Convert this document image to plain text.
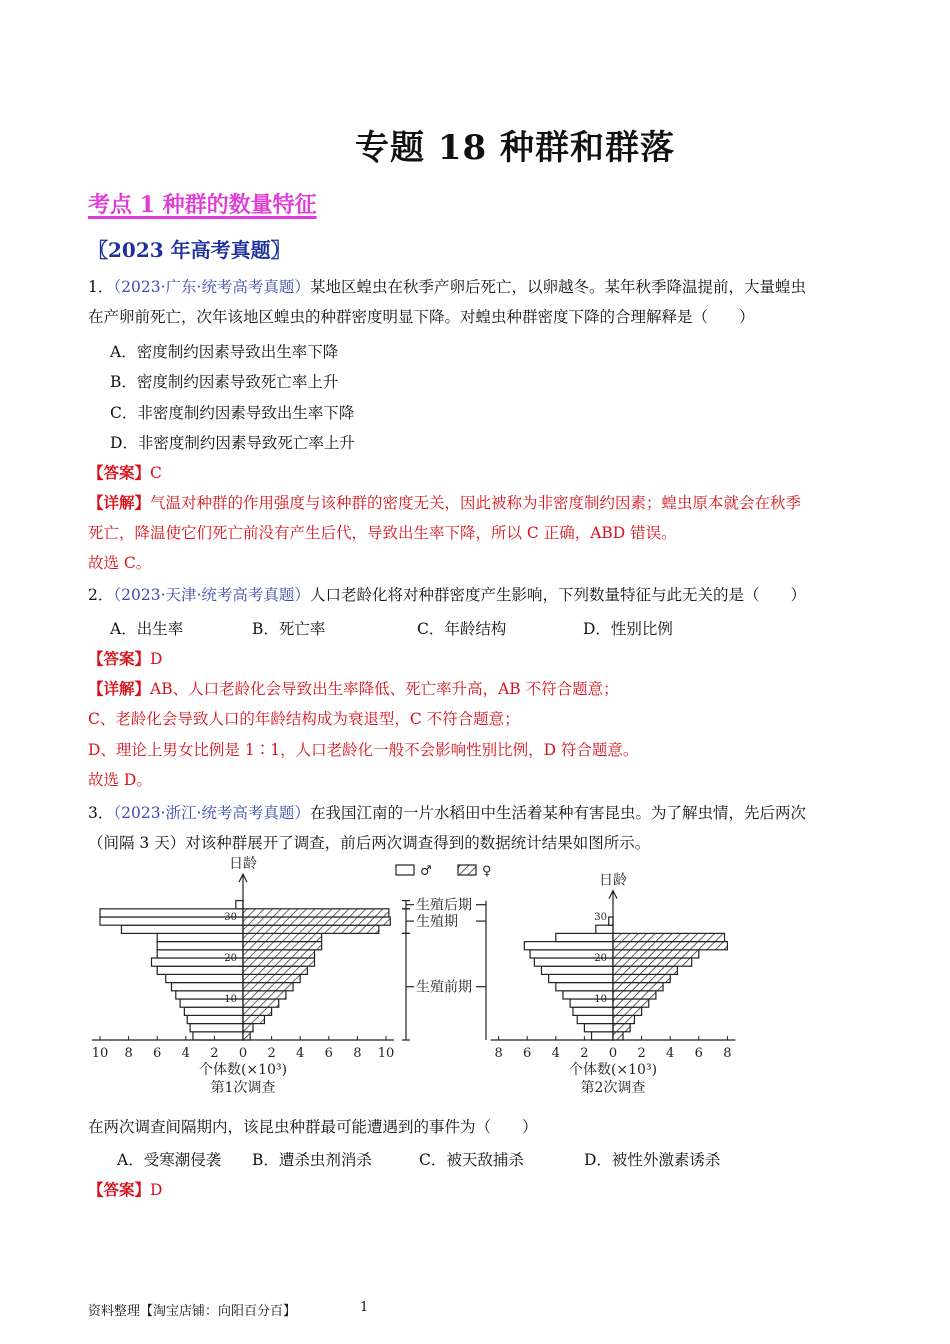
专题 18 种群和群落
考点 1 种群的数量特征
〖2023 年高考真题〗
1．（2023·广东·统考高考真题）某地区蝗虫在秋季产卵后死亡，以卵越冬。某年秋季降温提前，大量蝗虫
在产卵前死亡，次年该地区蝗虫的种群密度明显下降。对蝗虫种群密度下降的合理解释是（　　）
A．密度制约因素导致出生率下降
B．密度制约因素导致死亡率上升
C．非密度制约因素导致出生率下降
D．非密度制约因素导致死亡率上升
【答案】C
【详解】气温对种群的作用强度与该种群的密度无关，因此被称为非密度制约因素；蝗虫原本就会在秋季
死亡，降温使它们死亡前没有产生后代，导致出生率下降，所以 C 正确，ABD 错误。
故选 C。
2．（2023·天津·统考高考真题）人口老龄化将对种群密度产生影响，下列数量特征与此无关的是（　　）
A．出生率	B．死亡率	C．年龄结构	D．性别比例
【答案】D
【详解】AB、人口老龄化会导致出生率降低、死亡率升高，AB 不符合题意；
C、老龄化会导致人口的年龄结构成为衰退型，C 不符合题意；
D、理论上男女比例是 1∶1，人口老龄化一般不会影响性别比例，D 符合题意。
故选 D。
3．（2023·浙江·统考高考真题）在我国江南的一片水稻田中生活着某种有害昆虫。为了解虫情，先后两次
（间隔 3 天）对该种群展开了调查，前后两次调查得到的数据统计结果如图所示。
日龄
10 8 6 4 2 0 2 4 6 8 10
10
20
30
个体数(×10³)
第1次调查
日龄
8 6 4 2 0 2 4 6 8
10
20
30
个体数(×10³)
第2次调查
♂	♀
生殖后期
生殖期
生殖前期
在两次调查间隔期内，该昆虫种群最可能遭遇到的事件为（　　）
A．受寒潮侵袭 B．遭杀虫剂消杀	C．被天敌捕杀	D．被性外激素诱杀
【答案】D
资料整理【淘宝店铺：向阳百分百】	1
